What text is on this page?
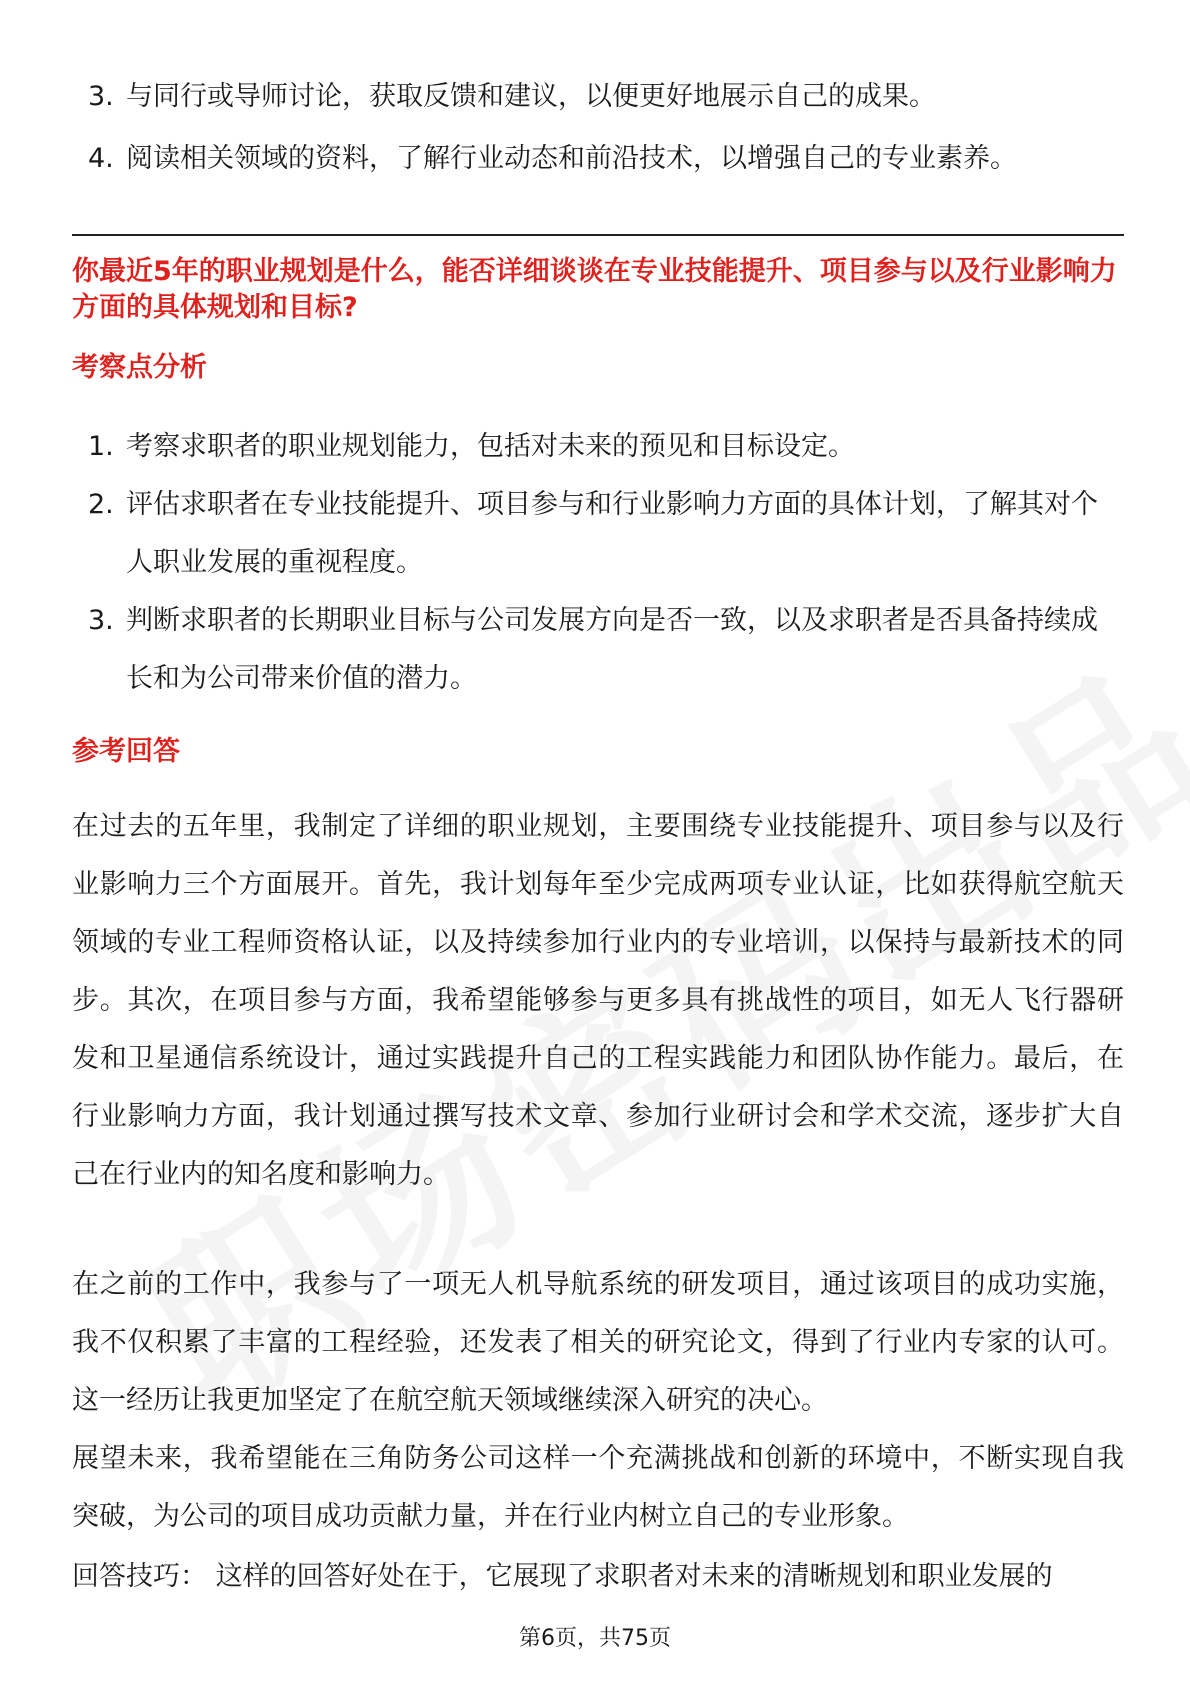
3. 与同行或导师讨论，获取反馈和建议，以便更好地展示自己的成果。
4. 阅读相关领域的资料，了解行业动态和前沿技术，以增强自己的专业素养。
你最近5年的职业规划是什么，能否详细谈谈在专业技能提升、项目参与以及行业影响力方面的具体规划和目标?
考察点分析
1. 考察求职者的职业规划能力，包括对未来的预见和目标设定。
2. 评估求职者在专业技能提升、项目参与和行业影响力方面的具体计划，了解其对个人职业发展的重视程度。
3. 判断求职者的长期职业目标与公司发展方向是否一致，以及求职者是否具备持续成长和为公司带来价值的潜力。
参考回答

在过去的五年里，我制定了详细的职业规划，主要围绕专业技能提升、项目参与以及行业影响力三个方面展开。首先，我计划每年至少完成两项专业认证，比如获得航空航天领域的专业工程师资格认证，以及持续参加行业内的专业培训，以保持与最新技术的同步。其次，在项目参与方面，我希望能够参与更多具有挑战性的项目，如无人飞行器研发和卫星通信系统设计，通过实践提升自己的工程实践能力和团队协作能力。最后，在行业影响力方面，我计划通过撰写技术文章、参加行业研讨会和学术交流，逐步扩大自己在行业内的知名度和影响力。

在之前的工作中，我参与了一项无人机导航系统的研发项目，通过该项目的成功实施，我不仅积累了丰富的工程经验，还发表了相关的研究论文，得到了行业内专家的认可。这一经历让我更加坚定了在航空航天领域继续深入研究的决心。

展望未来，我希望能在三角防务公司这样一个充满挑战和创新的环境中，不断实现自我突破，为公司的项目成功贡献力量，并在行业内树立自己的专业形象。

回答技巧： 这样的回答好处在于，它展现了求职者对未来的清晰规划和职业发展的

第6页，共75页
